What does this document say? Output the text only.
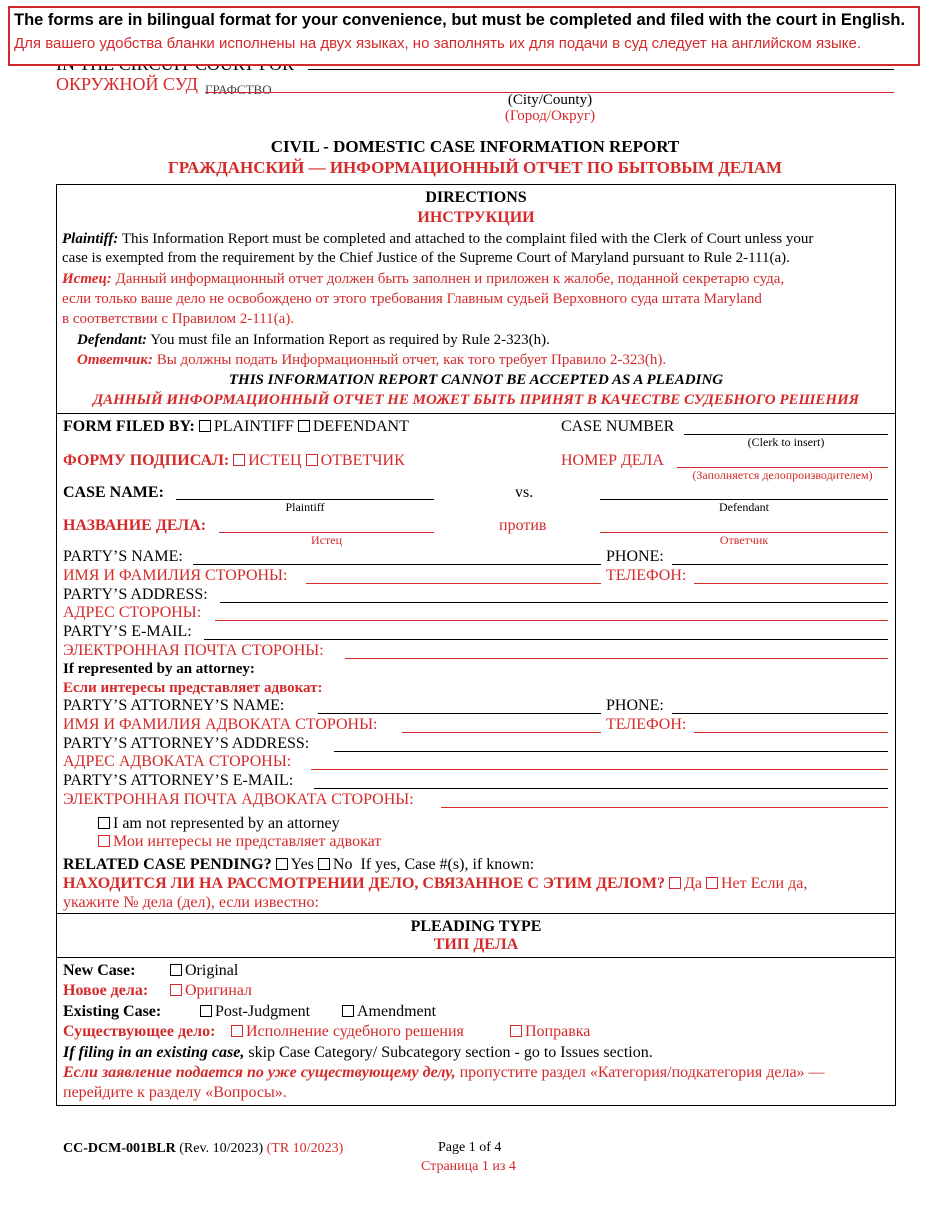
ОКРУЖНОЙ СУД ГРАФСТВО
(City/County)
(Город/Округ)
The forms are in bilingual format for your convenience, but must be completed and filed with the court in English.
Для вашего удобства бланки исполнены на двух языках, но заполнять их для подачи в суд следует на английском языке.
CIVIL - DOMESTIC CASE INFORMATION REPORT
ГРАЖДАНСКИЙ — ИНФОРМАЦИОННЫЙ ОТЧЕТ ПО БЫТОВЫМ ДЕЛАМ
DIRECTIONS
ИНСТРУКЦИИ
Plaintiff: This Information Report must be completed and attached to the complaint filed with the Clerk of Court unless your
case is exempted from the requirement by the Chief Justice of the Supreme Court of Maryland pursuant to Rule 2-111(a).
Истец: Данный информационный отчет должен быть заполнен и приложен к жалобе, поданной секретарю суда,
если только ваше дело не освобождено от этого требования Главным судьей Верховного суда штата Maryland
в соответствии с Правилом 2-111(a).
Defendant: You must file an Information Report as required by Rule 2-323(h).
Ответчик: Вы должны подать Информационный отчет, как того требует Правило 2-323(h).
THIS INFORMATION REPORT CANNOT BE ACCEPTED AS A PLEADING
ДАННЫЙ ИНФОРМАЦИОННЫЙ ОТЧЕТ НЕ МОЖЕТ БЫТЬ ПРИНЯТ В КАЧЕСТВЕ СУДЕБНОГО РЕШЕНИЯ
FORM FILED BY: PLAINTIFF DEFENDANT	CASE NUMBER
(Clerk to insert)
ФОРМУ ПОДПИСАЛ: ИСТЕЦ ОТВЕТЧИК	НОМЕР ДЕЛА
(Заполняется делопроизводителем)
CASE NAME:
Plaintiff
vs.
Defendant
НАЗВАНИЕ ДЕЛА:
Истец
против
Ответчик
PARTY’S NAME:	PHONE:
ИМЯ И ФАМИЛИЯ СТОРОНЫ:	ТЕЛЕФОН:
PARTY’S ADDRESS:
АДРЕС СТОРОНЫ:
PARTY’S E-MAIL:
ЭЛЕКТРОННАЯ ПОЧТА СТОРОНЫ:
If represented by an attorney:
Если интересы представляет адвокат:
PARTY’S ATTORNEY’S NAME:	PHONE:
ИМЯ И ФАМИЛИЯ АДВОКАТА СТОРОНЫ:	ТЕЛЕФОН:
PARTY’S ATTORNEY’S ADDRESS:
АДРЕС АДВОКАТА СТОРОНЫ:
PARTY’S ATTORNEY’S E-MAIL:
ЭЛЕКТРОННАЯ ПОЧТА АДВОКАТА СТОРОНЫ:
I am not represented by an attorney
Мои интересы не представляет адвокат
RELATED CASE PENDING? Yes No If yes, Case #(s), if known:
НАХОДИТСЯ ЛИ НА РАССМОТРЕНИИ ДЕЛО, СВЯЗАННОЕ С ЭТИМ ДЕЛОМ? Да Нет Если да,
укажите № дела (дел), если известно:
PLEADING TYPE
ТИП ДЕЛА
New Case:	Original
Новое дела:	Оригинал
Existing Case:	Post-Judgment	Amendment
Существующее дело:	Исполнение судебного решения	Поправка
If filing in an existing case, skip Case Category/ Subcategory section - go to Issues section.
Если заявление подается по уже существующему делу, пропустите раздел «Категория/подкатегория дела» —
перейдите к разделу «Вопросы».
CC-DCM-001BLR (Rev. 10/2023) (TR 10/2023)	Page 1 of 4
Страница 1 из 4
